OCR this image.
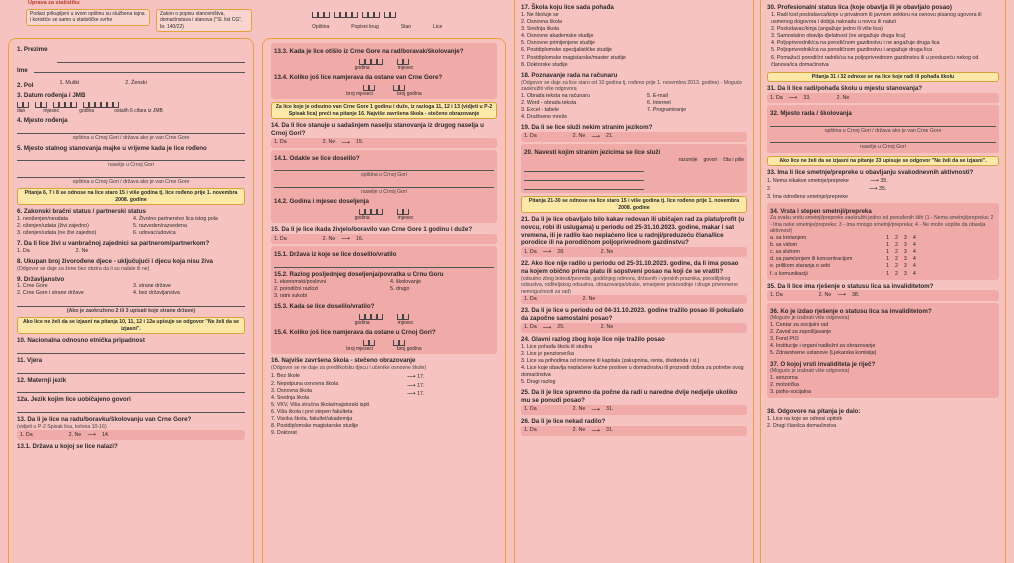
Uprava za statistiku
Podaci prikupljeni u svom opštinu su službena tajna i koristiće se samo u statističke svrhe
Zakon o popisu stanovništva, domaćinstava i stanova ("Sl. list CG", br. 140/22)
1. Prezime
Ime
2. Pol	1. Muški	2. Ženski
3. Datum rođenja i JMB
dan	mjesec	godina	ostalih 6 cifara iz JMB
4. Mjesto rođenja
opština u Crnoj Gori / država ako je van Crne Gore
5. Mjesto stalnog stanovanja majke u vrijeme kada je lice rođeno
naselje u Crnoj Gori
opština u Crnoj Gori / država ako je van Crne Gore
Pitanja 6, 7 i 8 se odnose na lice staro 15 i više godina tj. lice rođeno prije 1. novembra 2008. godine
6. Zakonski bračni status / partnerski status
1. neoženjen/neudata
2. oženjen/udata (živi zajedno)
3. oženjen/udata (ne živi zajedno)
4. Životno partnerstvo lica istog pola
5. razveden/razvedena
6. udovac/udovica
7. Da li lice živi u vanbračnoj zajednici sa partnerom/partnerkom?
1. Da	2. Ne
8. Ukupan broj živorođene djece - uključujući i djecu koja nisu živa
(Odgovor se daje za žene bez obzira da li su radale ili ne)
9. Državljanstvo
1. Crne Gore
2. Crne Gore i strane države
3. strane države
4. bez državljanstva
(Ako je zaokruženo 2 ili 3 upisati koje strane države)
Ako lice ne želi da se izjasni na pitanja 10, 11, 12 i 12a upisuje se odgovor "Ne želi da se izjasni".
10. Nacionalna odnosno etnička pripadnost
11. Vjera
12. Maternji jezik
12a. Jezik kojim lice uobičajeno govori
13. Da li je lice na radu/boravku/školovanju van Crne Gore?
(vidjeti u P-2 Spisak lica, kolona 10-16)
1. Da	2. Ne ⟶ 14.
13.1. Država u kojoj se lice nalazi?
Opština	Popisni krug	Stan	Lice
13.3. Kada je lice otišlo iz Crne Gore na rad/boravak/školovanje?
godina	mjesec
13.4. Koliko još lice namjerava da ostane van Crne Gore?
broj mjeseci	broj godina
Za lice koje je odsutno van Crne Gore 1 godinu i duže, iz razloga 11, 12 i 13 (vidjeti u P-2 Spisak lica) preći na pitanje 16. Najviše završena škola - stečeno obrazovanje
14. Da li lice stanuje u sadašnjem naselju stanovanja iz drugog naselja u Crnoj Gori?
1. Da	2. Ne ⟶ 15.
14.1. Odakle se lice doselilo?
opština u Crnoj Gori
naselje u Crnoj Gori
14.2. Godina i mjesec doseljenja
godina	mjesec
15. Da li je lice ikada živjelo/boravilo van Crne Gore 1 godinu i duže?
1. Da	2. Ne ⟶ 16.
15.1. Država iz koje se lice doselilo/vratilo
15.2. Razlog posljednjeg doseljenja/povratka u Crnu Goru
1. ekonomski/poslovni
2. porodični razlozi
3. ratni sukobi
4. školovanje
5. drugo
15.3. Kada se lice doselilo/vratilo?
godina	mjesec
15.4. Koliko još lice namjerava da ostane u Crnoj Gori?
broj mjeseci	broj godina
16. Najviše završena škola - stečeno obrazovanje
(Odgovor se ne daje za predškolsku djecu i učenike osnovne škole)
1. Bez škole
2. Nepotpuna osnovna škola
3. Osnovna škola
4. Srednja škola
5. VKV, Viša stručna škola/majstorski ispit
6. Viša škola i prvi stepen fakulteta
7. Visoka škola, fakultet/akademija
8. Postdiplomske magistarske studije
9. Doktorat
⟶ 17.
⟶ 17.
⟶ 17.
17. Škola koju lice sada pohađa
1. Ne školuje se
2. Osnovna škola
3. Srednja škola
4. Osnovne akademske studije
5. Osnovne primijenjene studije
6. Postdiplomske specijalističke studije
7. Postdiplomske magistarske/master studije
8. Doktorske studije
18. Poznavanje rada na računaru
(Odgovor se daje za lice staro od 10 godina tj. rođeno prije 1. novembra 2013. godine) - Moguće zaokružiti više odgovora
1. Obrada teksta na računaru
2. Word - obrada teksta
3. Excel - tabele
4. Društvene mreže
5. E-mail
6. Internet
7. Programiranje
19. Da li se lice služi nekim stranim jezikom?
1. Da	2. Ne ⟶ 21.
20. Navesti kojim stranim jezicima se lice služi
razumije govori čita i piše
Pitanja 21-30 se odnose na lice staro 15 i više godina tj. lice rođeno prije 1. novembra 2008. godine
21. Da li je lice obavljalo bilo kakav redovan ili ubičajen rad za platu/profit (u novcu, robi ili uslugama) u periodu od 25-31.10.2023. godine, makar i sat vremena, ili je radilo kao neplaćeno lice u radnji/preduzeću člana/lice porodice ili na porodičnom poljoprivrednom gazdinstvu?
1. Da ⟶ 28.	2. Ne
22. Ako lice nije radilo u periodu od 25-31.10.2023. godine, da li ima posao na kojem obično prima platu ili sopstveni posao na koji će se vratiti?
(odsutno zbog bolesti/povrede, godišnjeg odmora, državnih i vjerskih praznika, porodiljskog odsustva, rođiteljskog odsustva, obrazovanja/obuke, smanjene proizvodnje i druge privremene nemogućnosti za rad)
1. Da	2. Ne
23. Da li je lice u periodu od 04-31.10.2023. godine tražilo posao ili pokušalo da započne samostalni posao?
1. Da ⟶ 25.	2. Ne
24. Glavni razlog zbog koje lice nije tražilo posao
1. Lice pohađa školu ili studira
2. Lice je penzioner/ka
3. Lice sa prihodima od imovine ili kapitala (zakupnina, renta, dividenda i sl.)
4. Lice koje obavlja neplaćene kućne poslove u domaćinstvu ili prozvodi dobra za potrebe svog domaćinstva
5. Drugi razlog
25. Da li je lice spremno da počne da radi u naredne dvije nedjelje ukoliko mu se ponudi posao?
1. Da	2. Ne ⟶ 31.
26. Da li je lice nekad radilo?
1. Da	2. Ne ⟶ 31.
30. Profesionalni status lica (koje obavlja ili je obavljalo posao)
1. Radi kod poslodavca/kinje u privatnom ili javnom sektoru na osnovu pisanog ugovora ili usmenog dogovora i dobija naknadu u novcu ili naturi
2. Poslodavac/kinja (angažuje jedno ili više lica)
3. Samostalno obavlja djelatnost (ne angažuje druga lica)
4. Poljoprivrednik/ca na porodičnom gazdinstvu i ne angažuje druga lica
5. Poljoprivrednik/ca na porodičnom gazdinstvu i angažuje druga lica
6. Pomažući porodični radnik/ca na poljoprivrednom gazdinstvu ili u preduzeću nekog od članova/ica domaćinstva
Pitanja 31 i 32 odnose se na lice koje radi ili pohađa školu
31. Da li lice radi/pohađa školu u mjestu stanovanja?
1. Da ⟶ 33.	2. Ne
32. Mjesto rada / školovanja
opština u Crnoj Gori / država ako je van Crne Gore
naselje u Crnoj Gori
Ako lice ne želi da se izjasni na pitanje 33 upisuje se odgovor "Ne želi da se izjasni".
33. Ima li lice smetnje/prepreke u obavljanju svakodnevnih aktivnosti?
1. Nema nikakve smetnje/prepreke	⟶ 35.
2.	⟶ 35.
3. Ima određene smetnje/prepreke
34. Vrsta i stepen smetnji/prepreka
Za svaku vrstu smetnji/prepreke zaokružiti jedno od ponuđenih šifri (1 - Nema smetnji/prepreka; 2 - Ima neke smetnje/prepreke; 3 - Ima mnogo smetnji/prepreka; 4 - Ne može uopšte da obavlja aktivnost)
a. sa kretanjem	1 2 3 4
b. sa vidom	1 2 3 4
c. sa sluhom	1 2 3 4
d. sa pamćenjem ili koncentracijom	1 2 3 4
e. prilikom staranja o sebi	1 2 3 4
f. u komunikaciji	1 2 3 4
35. Da li lice ima rješenje o statusu lica sa invaliditetom?
1. Da	2. Ne ⟶ 38.
36. Ko je izdao rješenje o statusu lica sa invaliditetom?
(Moguće je izabrati više odgovora)
1. Centar za socijalni rad
2. Zavod za zapošljavanje
3. Fond PIO
4. Institucije i organi nadležni za obrazovanje
5. Zdravstvene ustanove (Ljekarska komisija)
37. O kojoj vrsti invaliditeta je riječ?
(Moguće je izabrati više odgovora)
1. senzorna
2. motorička
3. psiho-socijalna
38. Odgovore na pitanja je dalo:
1. Lice na koje se odnosi upitnik
2. Drugi član/ica domaćinstva
